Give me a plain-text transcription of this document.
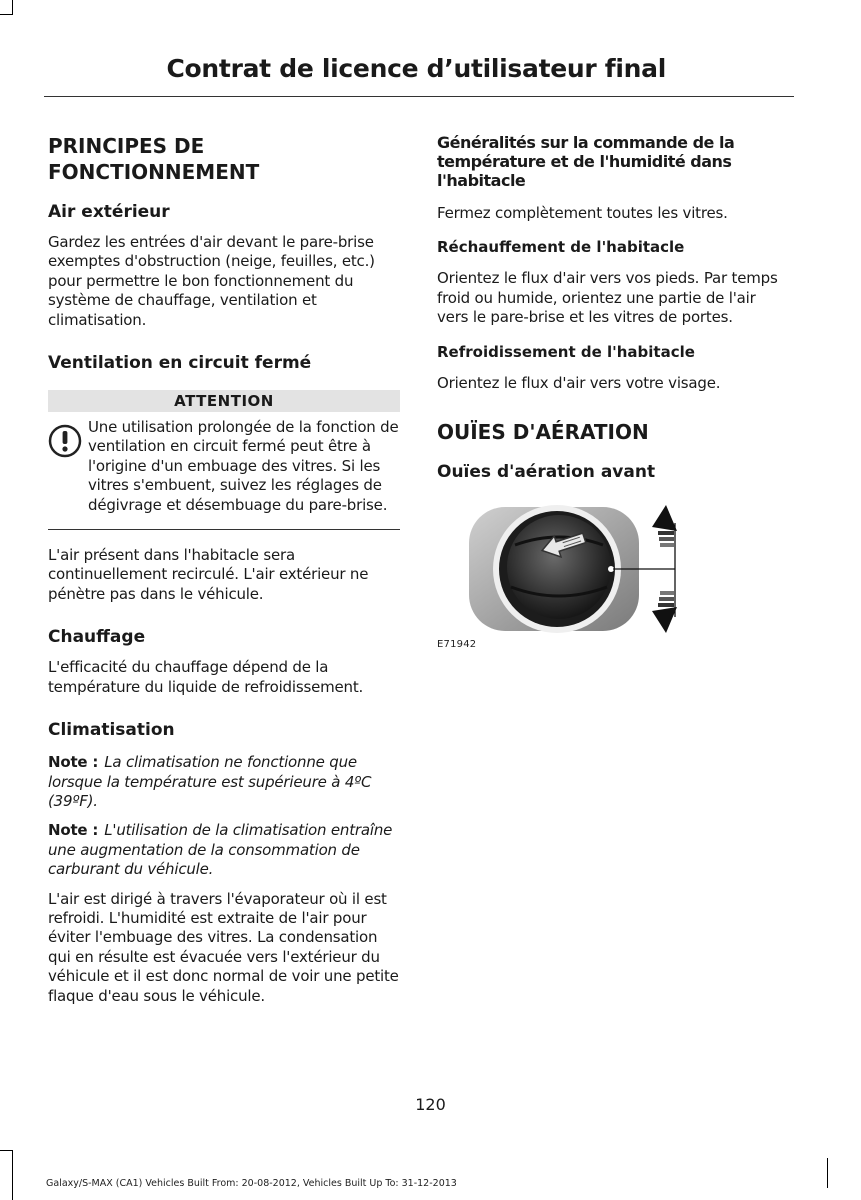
Contrat de licence d’utilisateur final
PRINCIPES DE FONCTIONNEMENT
Air extérieur

Gardez les entrées d'air devant le pare-brise exemptes d'obstruction (neige, feuilles, etc.) pour permettre le bon fonctionnement du système de chauffage, ventilation et climatisation.

Ventilation en circuit fermé
ATTENTION

Une utilisation prolongée de la fonction de ventilation en circuit fermé peut être à l'origine d'un embuage des vitres. Si les vitres s'embuent, suivez les réglages de dégivrage et désembuage du pare-brise.

L'air présent dans l'habitacle sera continuellement recirculé. L'air extérieur ne pénètre pas dans le véhicule.

Chauffage

L'efficacité du chauffage dépend de la température du liquide de refroidissement.

Climatisation

Note : La climatisation ne fonctionne que lorsque la température est supérieure à 4ºC (39ºF).

Note : L'utilisation de la climatisation entraîne une augmentation de la consommation de carburant du véhicule.

L'air est dirigé à travers l'évaporateur où il est refroidi. L'humidité est extraite de l'air pour éviter l'embuage des vitres. La condensation qui en résulte est évacuée vers l'extérieur du véhicule et il est donc normal de voir une petite flaque d'eau sous le véhicule.

Généralités sur la commande de la température et de l'humidité dans l'habitacle

Fermez complètement toutes les vitres.

Réchauffement de l'habitacle

Orientez le flux d'air vers vos pieds. Par temps froid ou humide, orientez une partie de l'air vers le pare-brise et les vitres de portes.

Refroidissement de l'habitacle

Orientez le flux d'air vers votre visage.

OUÏES D'AÉRATION
Ouïes d'aération avant
E71942
120
Galaxy/S-MAX (CA1) Vehicles Built From: 20-08-2012, Vehicles Built Up To: 31-12-2013
